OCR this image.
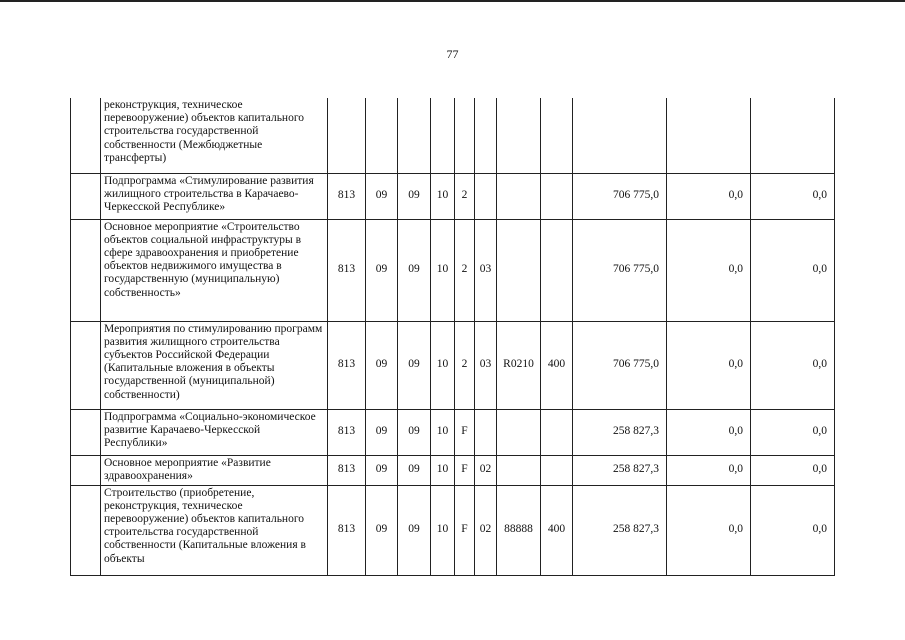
77
	реконструкция, техническое перевооружение) объектов капитального строительства государственной собственности (Межбюджетные трансферты)											
	Подпрограмма «Стимулирование развития жилищного строительства в Карачаево-Черкесской Республике»	813	09	09	10	2				706 775,0	0,0	0,0
	Основное мероприятие «Строительство объектов социальной инфраструктуры в сфере здравоохранения и приобретение объектов недвижимого имущества в государственную (муниципальную) собственность»	813	09	09	10	2	03			706 775,0	0,0	0,0
	Мероприятия по стимулированию программ развития жилищного строительства субъектов Российской Федерации (Капитальные вложения в объекты государственной (муниципальной) собственности)	813	09	09	10	2	03	R0210	400	706 775,0	0,0	0,0
	Подпрограмма «Социально-экономическое развитие Карачаево-Черкесской Республики»	813	09	09	10	F				258 827,3	0,0	0,0
	Основное мероприятие «Развитие здравоохранения»	813	09	09	10	F	02			258 827,3	0,0	0,0
	Строительство (приобретение, реконструкция, техническое перевооружение) объектов капитального строительства государственной собственности (Капитальные вложения в объекты	813	09	09	10	F	02	88888	400	258 827,3	0,0	0,0
